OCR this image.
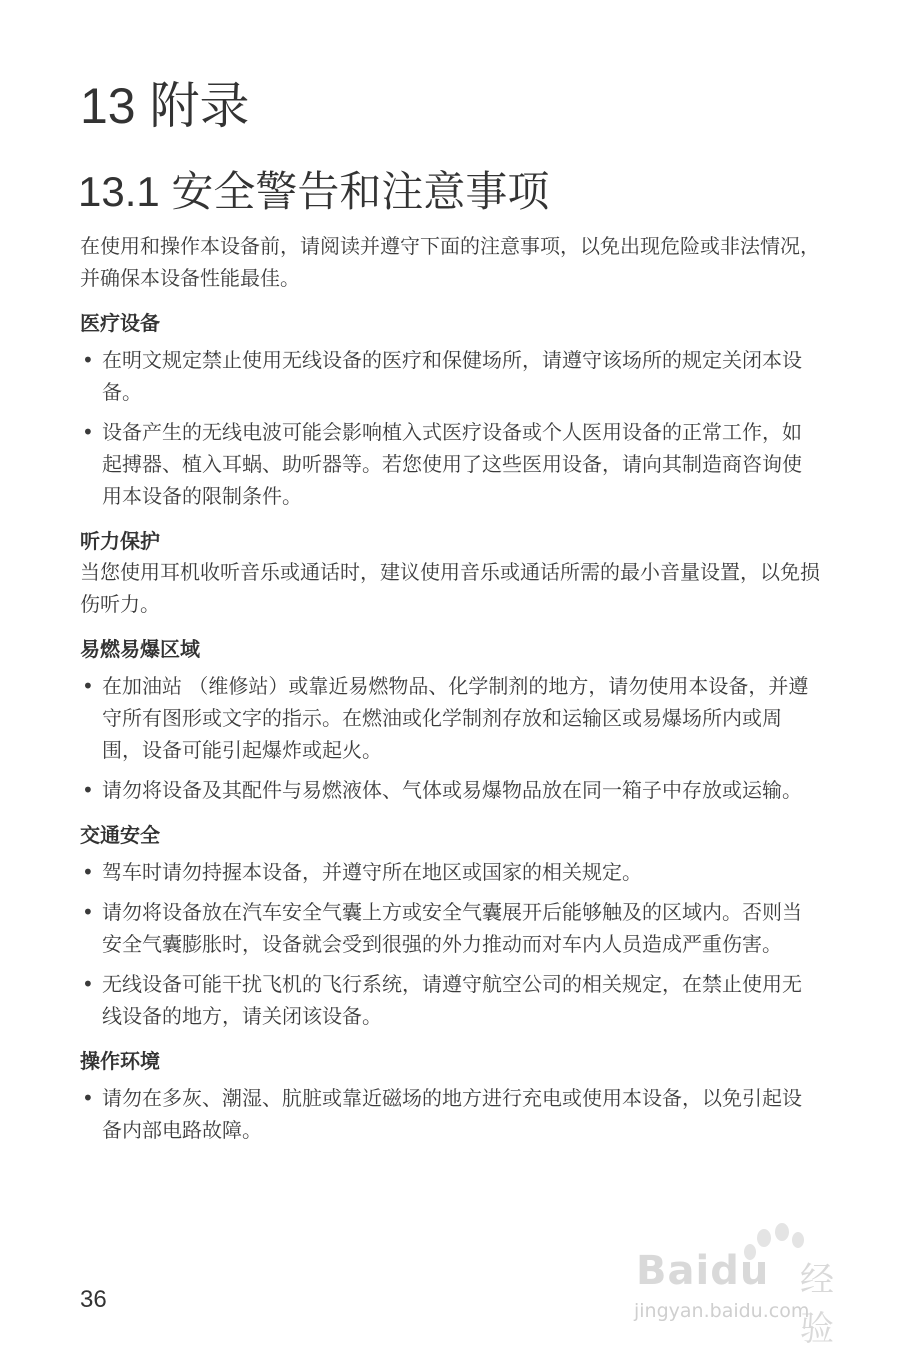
13 附录
13.1 安全警告和注意事项

在使用和操作本设备前，请阅读并遵守下面的注意事项，以免出现危险或非法情况，并确保本设备性能最佳。

医疗设备
• 在明文规定禁止使用无线设备的医疗和保健场所，请遵守该场所的规定关闭本设备。
• 设备产生的无线电波可能会影响植入式医疗设备或个人医用设备的正常工作，如起搏器、植入耳蜗、助听器等。若您使用了这些医用设备，请向其制造商咨询使用本设备的限制条件。
听力保护

当您使用耳机收听音乐或通话时，建议使用音乐或通话所需的最小音量设置，以免损伤听力。

易燃易爆区域
• 在加油站 （维修站）或靠近易燃物品、化学制剂的地方，请勿使用本设备，并遵守所有图形或文字的指示。在燃油或化学制剂存放和运输区或易爆场所内或周围，设备可能引起爆炸或起火。
• 请勿将设备及其配件与易燃液体、气体或易爆物品放在同一箱子中存放或运输。
交通安全
• 驾车时请勿持握本设备，并遵守所在地区或国家的相关规定。
• 请勿将设备放在汽车安全气囊上方或安全气囊展开后能够触及的区域内。否则当安全气囊膨胀时，设备就会受到很强的外力推动而对车内人员造成严重伤害。
• 无线设备可能干扰飞机的飞行系统，请遵守航空公司的相关规定，在禁止使用无线设备的地方，请关闭该设备。
操作环境
• 请勿在多灰、潮湿、肮脏或靠近磁场的地方进行充电或使用本设备，以免引起设备内部电路故障。
36
Baidu 经验
jingyan.baidu.com
